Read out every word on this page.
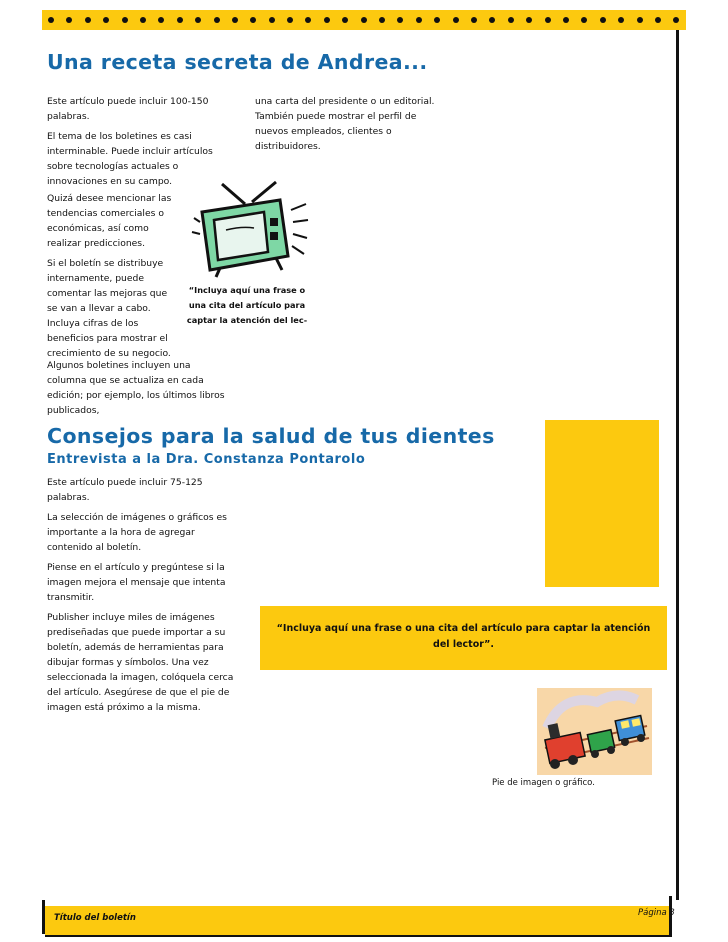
Una receta secreta de Andrea...

Este artículo puede incluir 100-150 palabras.

El tema de los boletines es casi interminable. Puede incluir artículos sobre tecnologías actuales o innovaciones en su campo.

Quizá desee mencionar las tendencias comerciales o económicas, así como realizar predicciones.

Si el boletín se distribuye internamente, puede comentar las mejoras que se van a llevar a cabo. Incluya cifras de los beneficios para mostrar el crecimiento de su negocio.

Algunos boletines incluyen una columna que se actualiza en cada edición; por ejemplo, los últimos libros publicados,

una carta del presidente o un editorial. También puede mostrar el perfil de nuevos empleados, clientes o distribuidores.

“Incluya aquí una frase o una cita del artículo para captar la atención del lec-
Consejos para la salud de tus dientes
Entrevista a la Dra. Constanza Pontarolo

Este artículo puede incluir 75-125 palabras.

La selección de imágenes o gráficos es importante a la hora de agregar contenido al boletín.

Piense en el artículo y pregúntese si la imagen mejora el mensaje que intenta transmitir.

Publisher incluye miles de imágenes prediseñadas que puede importar a su boletín, además de herramientas para dibujar formas y símbolos. Una vez seleccionada la imagen, colóquela cerca del artículo. Asegúrese de que el pie de imagen está próximo a la misma.

“Incluya aquí una frase o una cita del artículo para captar la atención del lector”.
Pie de imagen o gráfico.
Título del boletín	Página 3
